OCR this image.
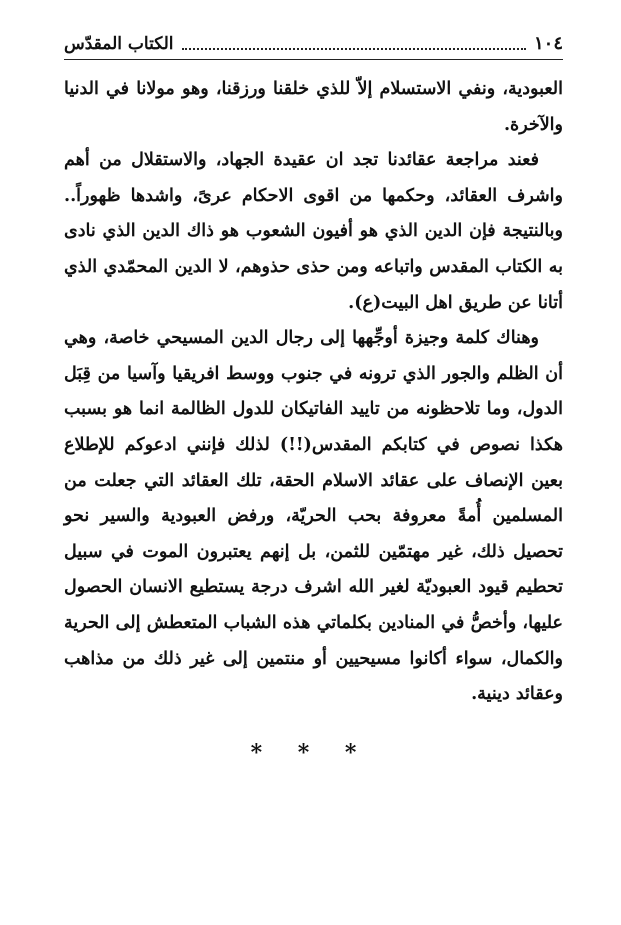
١٠٤
الكتاب المقدّس

العبودية، ونفي الاستسلام إلاّ للذي خلقنا ورزقنا، وهو مولانا في الدنيا والآخرة.

فعند مراجعة عقائدنا تجد ان عقيدة الجهاد، والاستقلال من أهم واشرف العقائد، وحكمها من اقوى الاحكام عرىً، واشدها ظهوراً.. وبالنتيجة فإن الدين الذي هو أفيون الشعوب هو ذاك الدين الذي نادى به الكتاب المقدس واتباعه ومن حذى حذوهم، لا الدين المحمّدي الذي أتانا عن طريق اهل البيت(ع).

وهناك كلمة وجيزة أوجِّهها إلى رجال الدين المسيحي خاصة، وهي أن الظلم والجور الذي ترونه في جنوب ووسط افريقيا وآسيا من قِبَل الدول، وما تلاحظونه من تاييد الفاتيكان للدول الظالمة انما هو بسبب هكذا نصوص في كتابكم المقدس(!!) لذلك فإنني ادعوكم للإطلاع بعين الإنصاف على عقائد الاسلام الحقة، تلك العقائد التي جعلت من المسلمين أُمةً معروفة بحب الحريّة، ورفض العبودية والسير نحو تحصيل ذلك، غير مهتمّين للثمن، بل إنهم يعتبرون الموت في سبيل تحطيم قيود العبوديّة لغير الله اشرف درجة يستطيع الانسان الحصول عليها، وأخصُّ في المنادين بكلماتي هذه الشباب المتعطش إلى الحرية والكمال، سواء أكانوا مسيحيين أو منتمين إلى غير ذلك من مذاهب وعقائد دينية.

* * *
